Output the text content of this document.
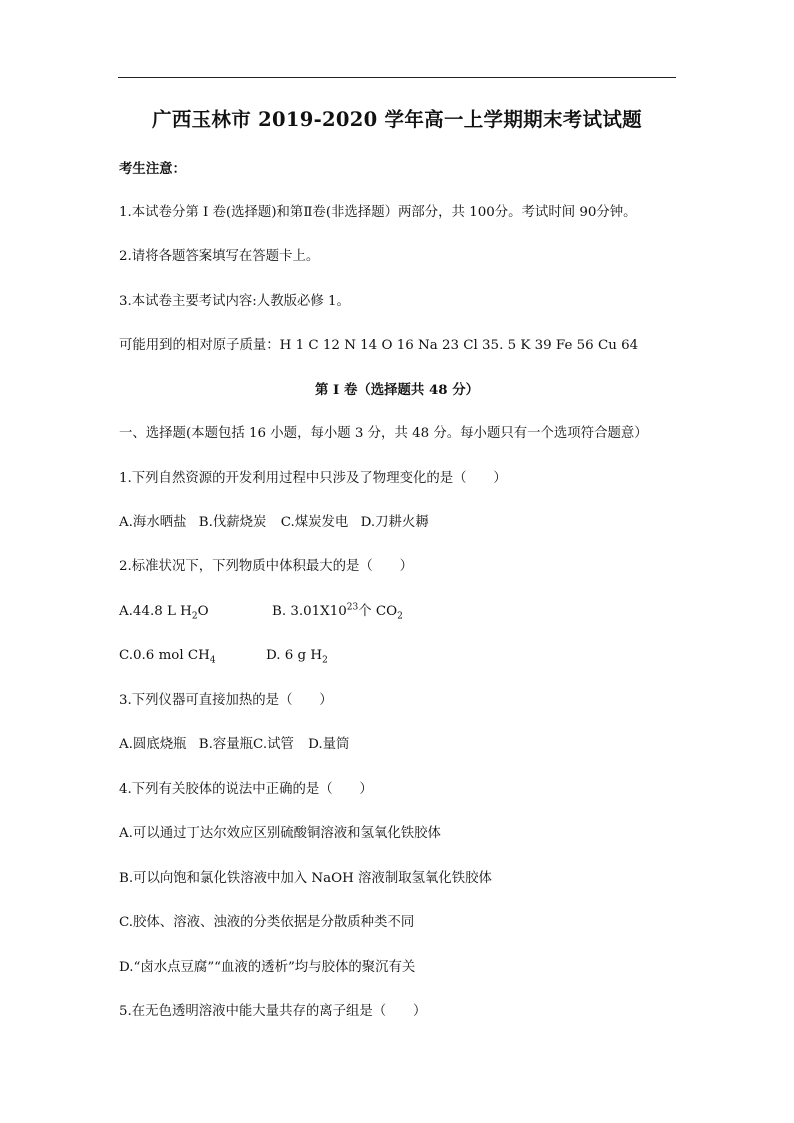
广西玉林市 2019-2020 学年高一上学期期末考试试题
考生注意：
1.本试卷分第 I 卷(选择题)和第Ⅱ卷(非选择题）两部分，共 100分。考试时间 90分钟。
2.请将各题答案填写在答题卡上。
3.本试卷主要考试内容:人教版必修 1。
可能用到的相对原子质量：H 1 C 12 N 14 O 16 Na 23 Cl 35. 5 K 39 Fe 56 Cu 64
第 I 卷（选择题共 48 分）
一、选择题(本题包括 16 小题，每小题 3 分，共 48 分。每小题只有一个选项符合题意）
1.下列自然资源的开发利用过程中只涉及了物理变化的是（　　）
A.海水晒盐 B.伐薪烧炭 C.煤炭发电 D.刀耕火耨
2.标准状况下，下列物质中体积最大的是（　　）
A.44.8 L $H_2O$	B. $3.01X10^{23}$个 $CO_2$
C.0.6 mol $CH_4$	D. 6 g $H_2$
3.下列仪器可直接加热的是（　　）
A.圆底烧瓶 B.容量瓶C.试管 D.量筒
4.下列有关胶体的说法中正确的是（　　）
A.可以通过丁达尔效应区别硫酸铜溶液和氢氧化铁胶体
B.可以向饱和氯化铁溶液中加入 NaOH 溶液制取氢氧化铁胶体
C.胶体、溶液、浊液的分类依据是分散质种类不同
D.“卤水点豆腐”“血液的透析”均与胶体的聚沉有关
5.在无色透明溶液中能大量共存的离子组是（　　）
